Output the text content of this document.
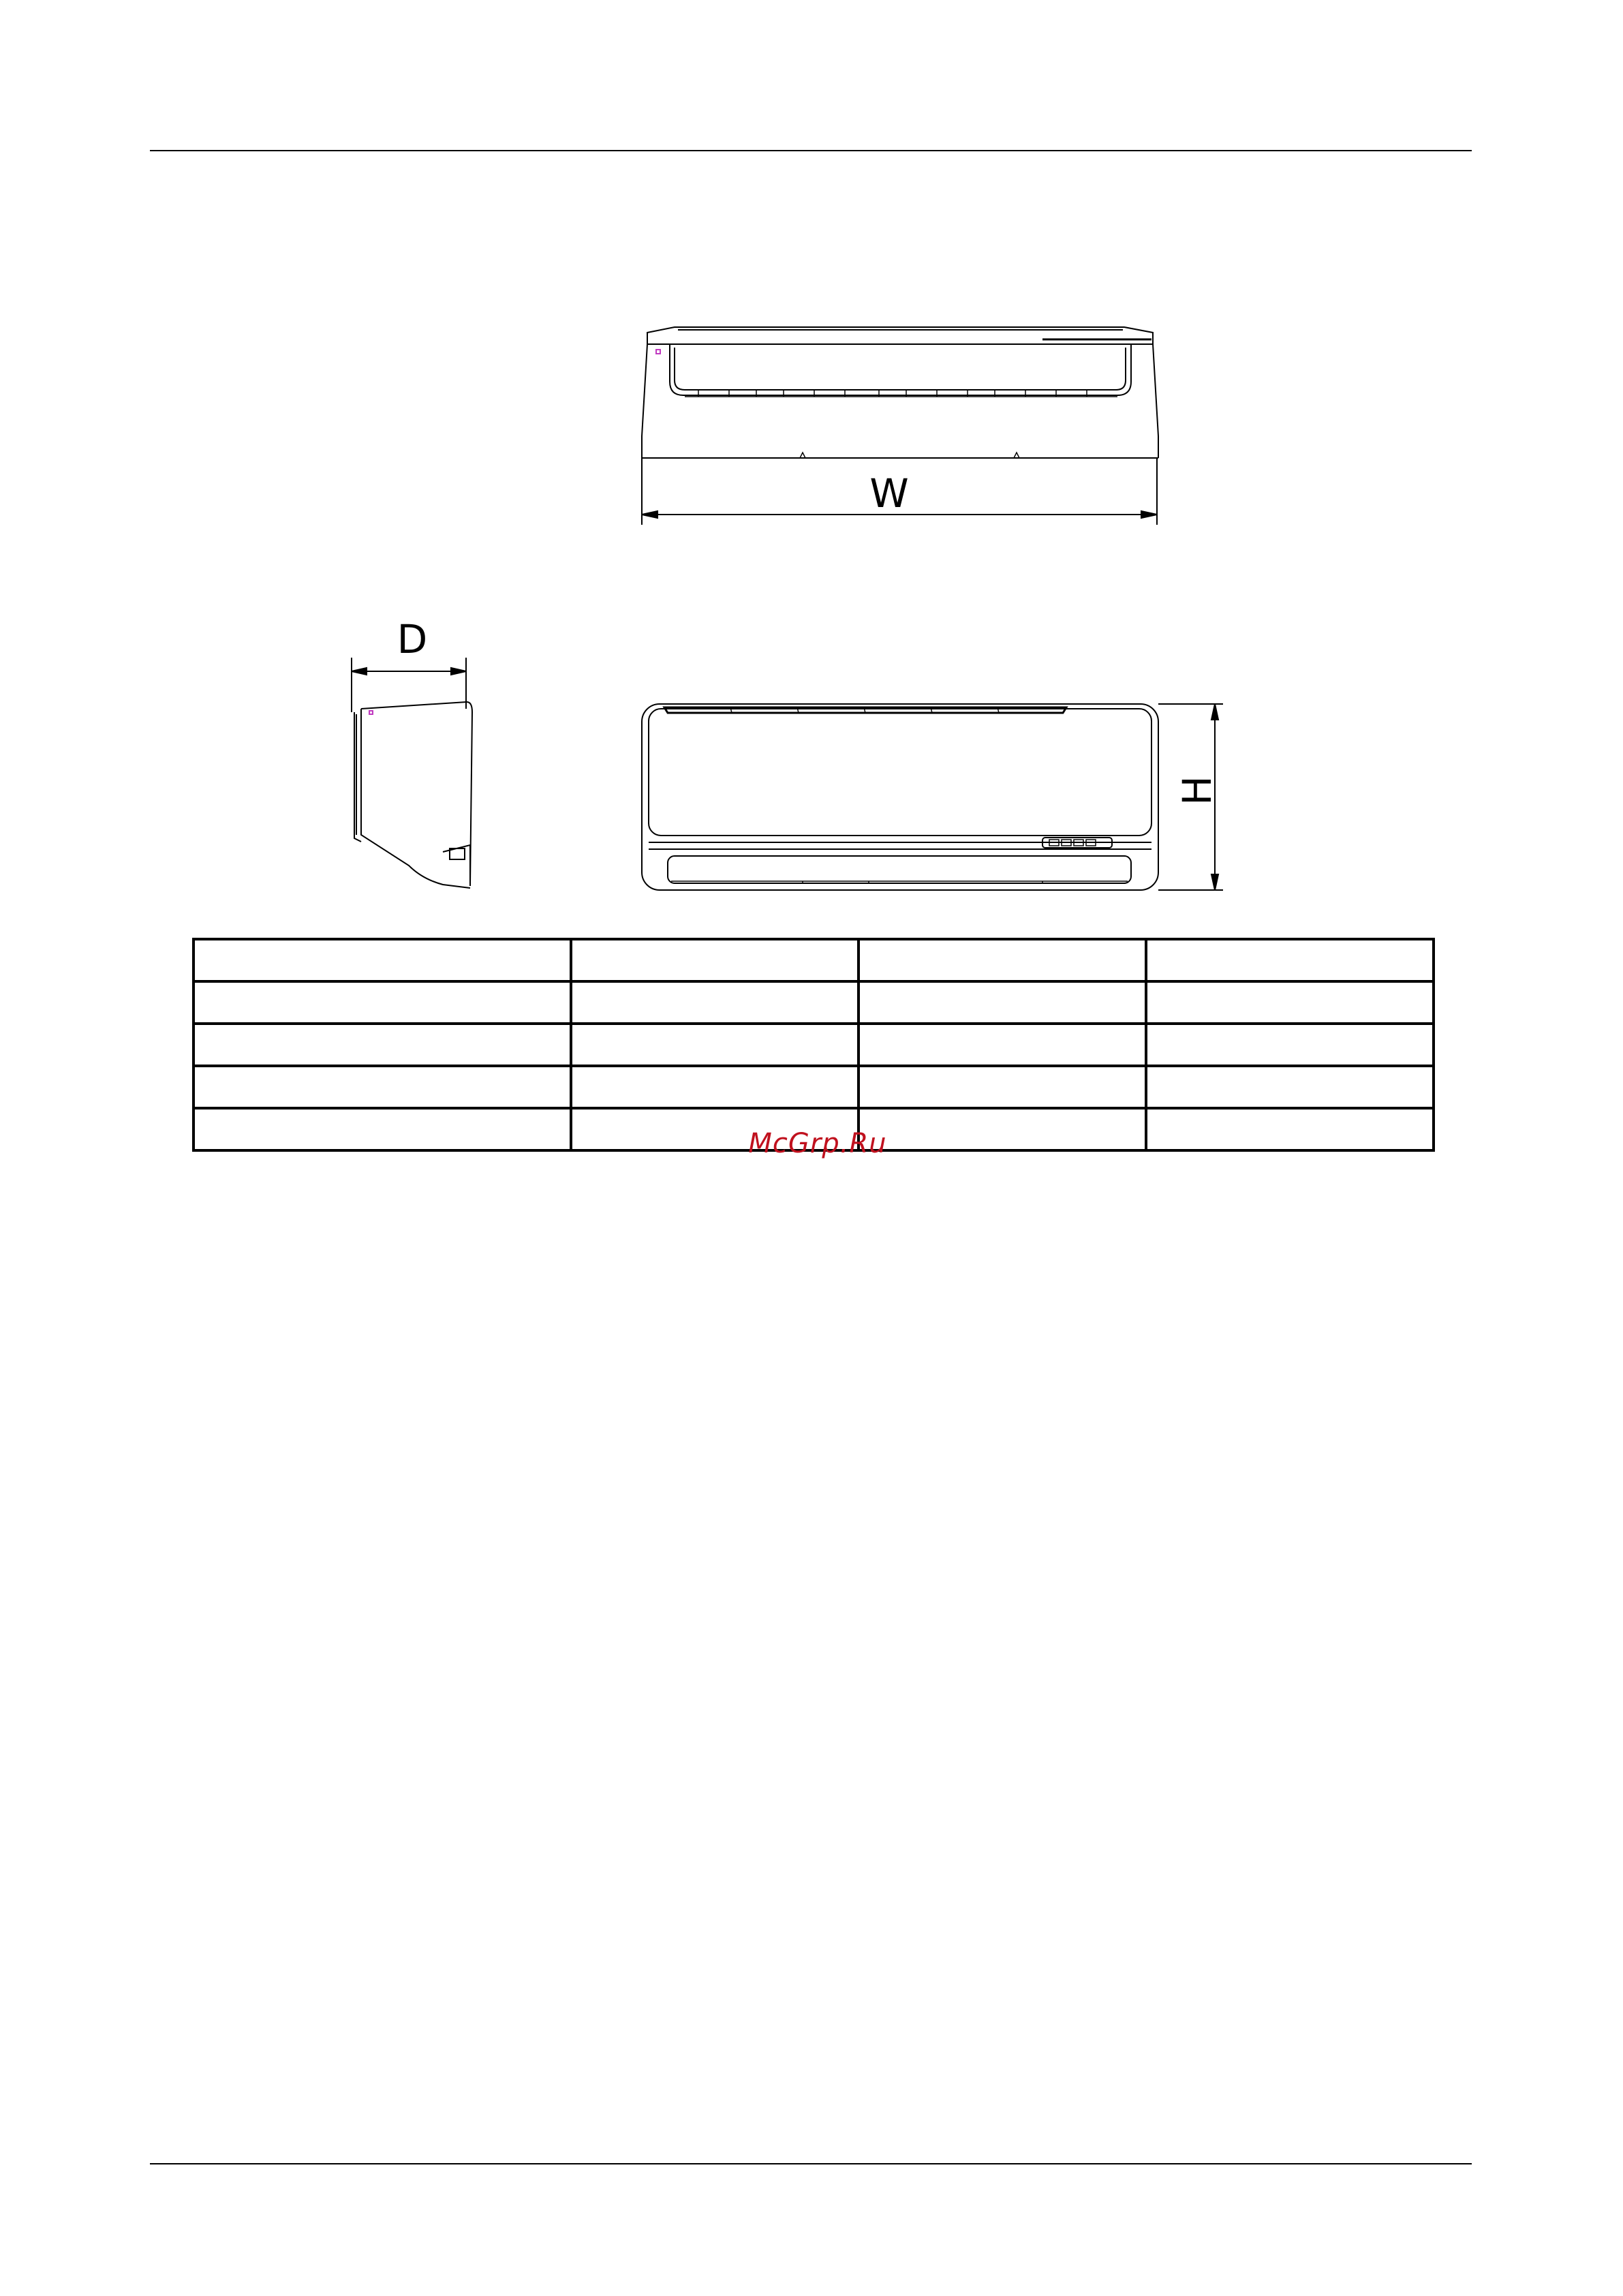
W
D
H

McGrp.Ru
